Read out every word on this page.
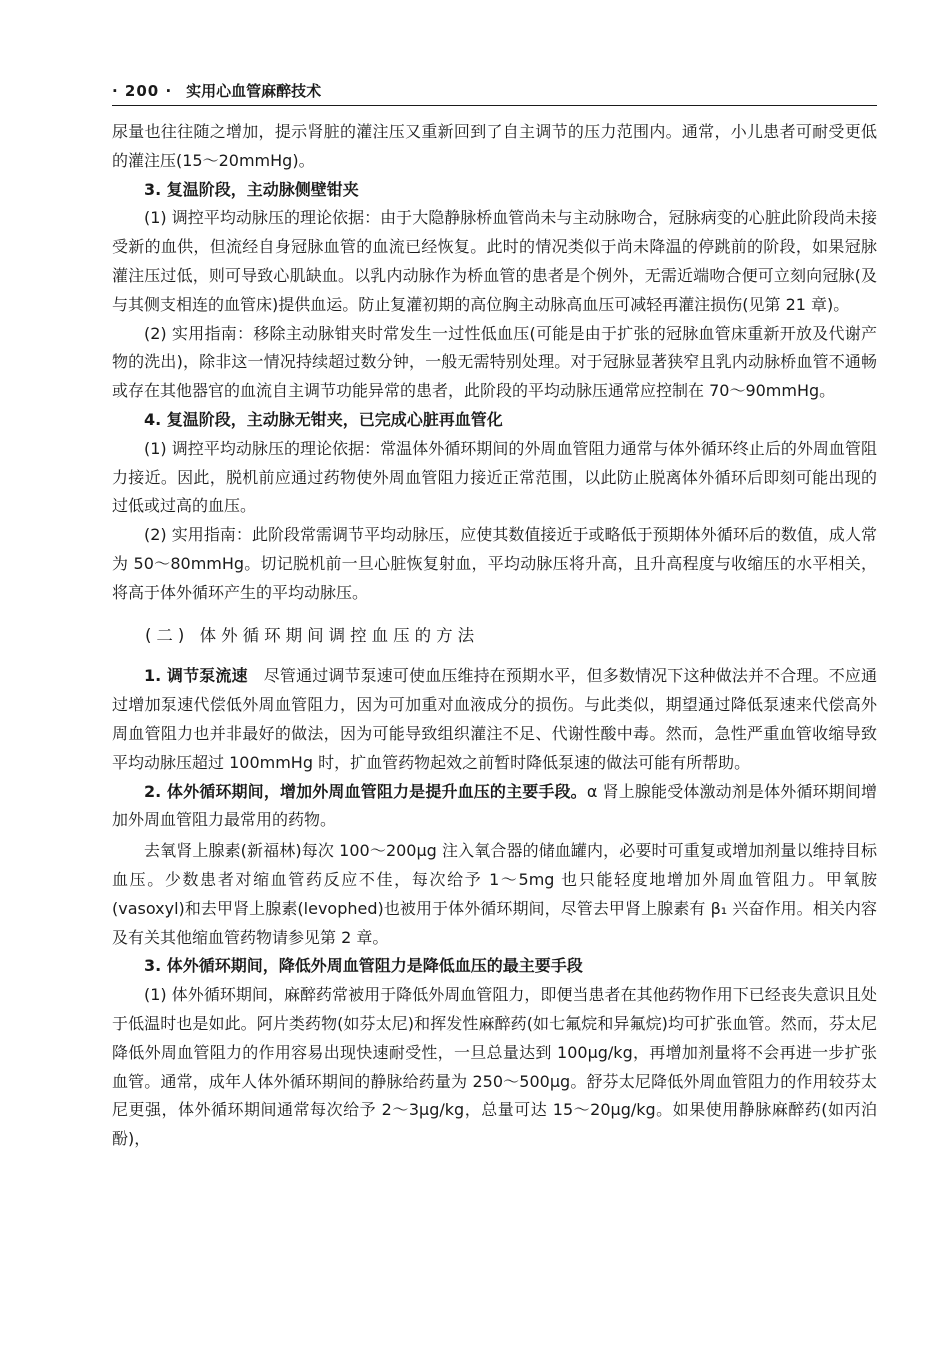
· 200 · 实用心血管麻醉技术

尿量也往往随之增加，提示肾脏的灌注压又重新回到了自主调节的压力范围内。通常，小儿患者可耐受更低的灌注压(15～20mmHg)。

3. 复温阶段，主动脉侧壁钳夹

(1) 调控平均动脉压的理论依据：由于大隐静脉桥血管尚未与主动脉吻合，冠脉病变的心脏此阶段尚未接受新的血供，但流经自身冠脉血管的血流已经恢复。此时的情况类似于尚未降温的停跳前的阶段，如果冠脉灌注压过低，则可导致心肌缺血。以乳内动脉作为桥血管的患者是个例外，无需近端吻合便可立刻向冠脉(及与其侧支相连的血管床)提供血运。防止复灌初期的高位胸主动脉高血压可减轻再灌注损伤(见第 21 章)。

(2) 实用指南：移除主动脉钳夹时常发生一过性低血压(可能是由于扩张的冠脉血管床重新开放及代谢产物的洗出)，除非这一情况持续超过数分钟，一般无需特别处理。对于冠脉显著狭窄且乳内动脉桥血管不通畅或存在其他器官的血流自主调节功能异常的患者，此阶段的平均动脉压通常应控制在 70～90mmHg。

4. 复温阶段，主动脉无钳夹，已完成心脏再血管化

(1) 调控平均动脉压的理论依据：常温体外循环期间的外周血管阻力通常与体外循环终止后的外周血管阻力接近。因此，脱机前应通过药物使外周血管阻力接近正常范围，以此防止脱离体外循环后即刻可能出现的过低或过高的血压。

(2) 实用指南：此阶段常需调节平均动脉压，应使其数值接近于或略低于预期体外循环后的数值，成人常为 50～80mmHg。切记脱机前一旦心脏恢复射血，平均动脉压将升高，且升高程度与收缩压的水平相关，将高于体外循环产生的平均动脉压。

(二) 体外循环期间调控血压的方法

1. 调节泵流速　尽管通过调节泵速可使血压维持在预期水平，但多数情况下这种做法并不合理。不应通过增加泵速代偿低外周血管阻力，因为可加重对血液成分的损伤。与此类似，期望通过降低泵速来代偿高外周血管阻力也并非最好的做法，因为可能导致组织灌注不足、代谢性酸中毒。然而，急性严重血管收缩导致平均动脉压超过 100mmHg 时，扩血管药物起效之前暂时降低泵速的做法可能有所帮助。

2. 体外循环期间，增加外周血管阻力是提升血压的主要手段。α 肾上腺能受体激动剂是体外循环期间增加外周血管阻力最常用的药物。

去氧肾上腺素(新福林)每次 100～200μg 注入氧合器的储血罐内，必要时可重复或增加剂量以维持目标血压。少数患者对缩血管药反应不佳，每次给予 1～5mg 也只能轻度地增加外周血管阻力。甲氧胺(vasoxyl)和去甲肾上腺素(levophed)也被用于体外循环期间，尽管去甲肾上腺素有 β₁ 兴奋作用。相关内容及有关其他缩血管药物请参见第 2 章。

3. 体外循环期间，降低外周血管阻力是降低血压的最主要手段

(1) 体外循环期间，麻醉药常被用于降低外周血管阻力，即便当患者在其他药物作用下已经丧失意识且处于低温时也是如此。阿片类药物(如芬太尼)和挥发性麻醉药(如七氟烷和异氟烷)均可扩张血管。然而，芬太尼降低外周血管阻力的作用容易出现快速耐受性，一旦总量达到 100μg/kg，再增加剂量将不会再进一步扩张血管。通常，成年人体外循环期间的静脉给药量为 250～500μg。舒芬太尼降低外周血管阻力的作用较芬太尼更强，体外循环期间通常每次给予 2～3μg/kg，总量可达 15～20μg/kg。如果使用静脉麻醉药(如丙泊酚)，
